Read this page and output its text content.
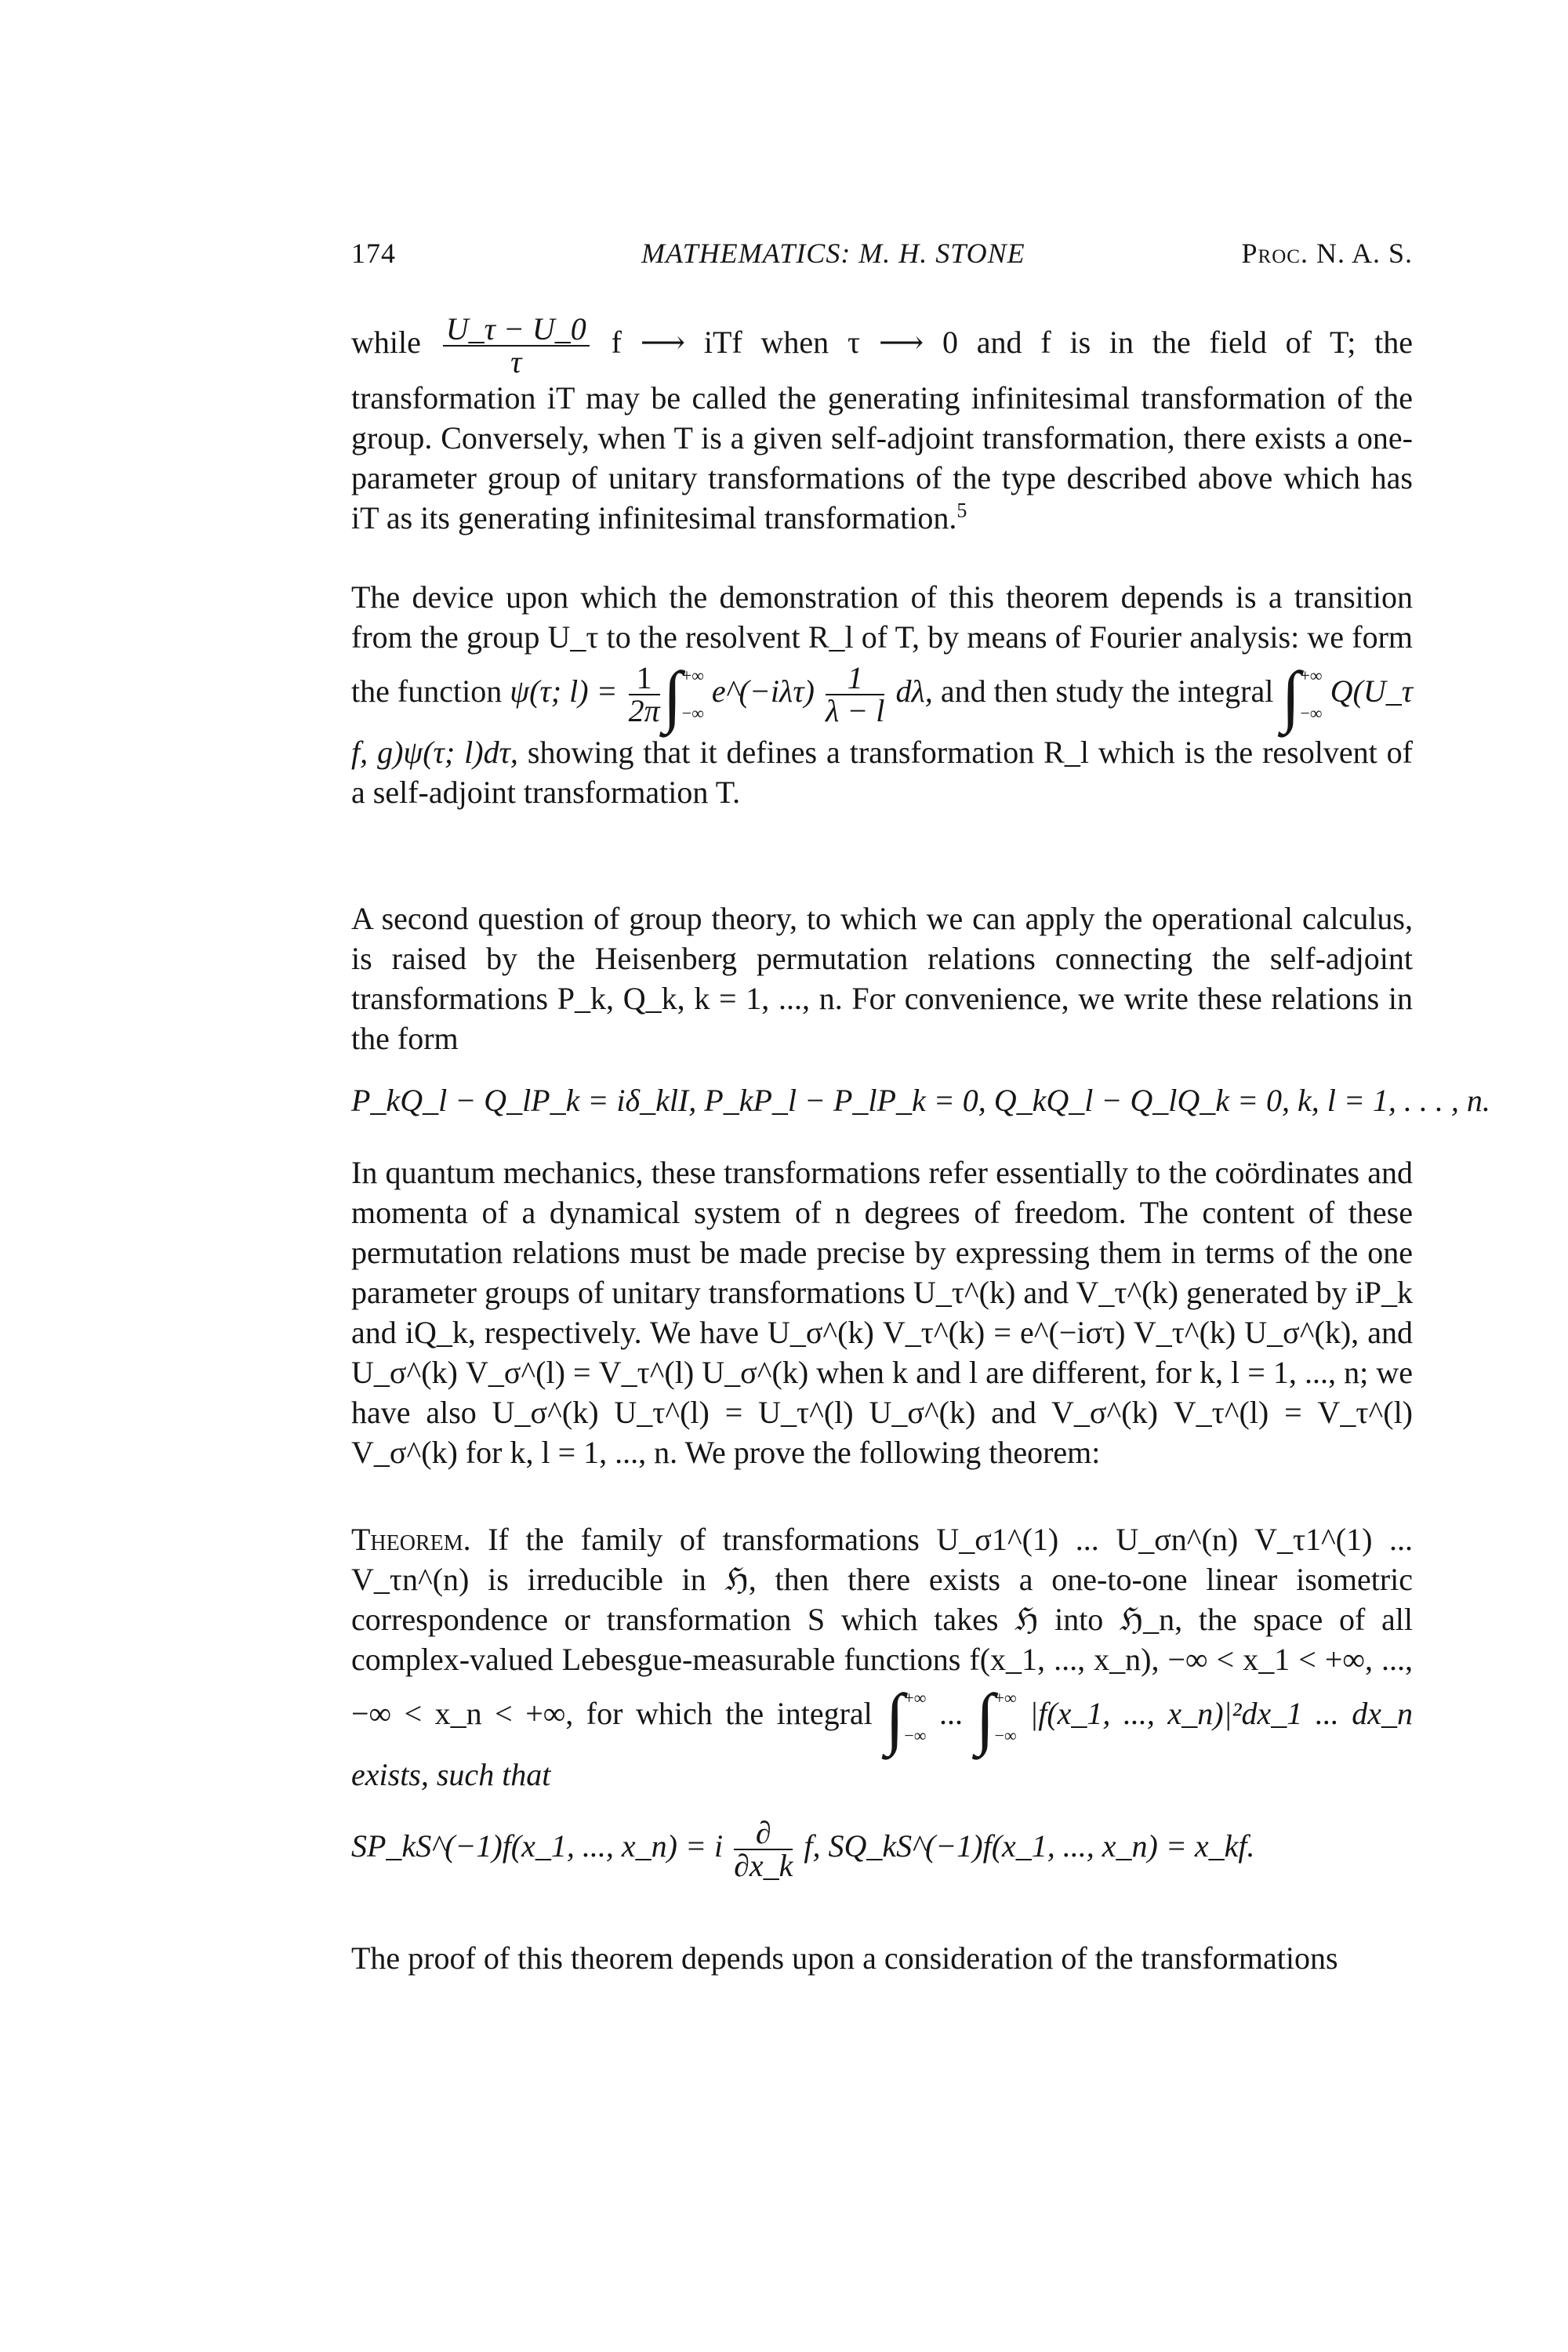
174	MATHEMATICS: M. H. STONE	Proc. N. A. S.
while $\frac{U\_\tau - U\_0}{\tau}$ f ⟶ iTf when τ ⟶ 0 and f is in the field of T; the transformation iT may be called the generating infinitesimal transformation of the group. Conversely, when T is a given self-adjoint transformation, there exists a one-parameter group of unitary transformations of the type described above which has iT as its generating infinitesimal transformation.$^5$
The device upon which the demonstration of this theorem depends is a transition from the group U_τ to the resolvent R_l of T, by means of Fourier analysis: we form the function ψ(τ; $l) = \frac{1}{2\pi}$ ∫ +∞
−∞
e^(−iλτ) $\frac{1}{\lambda - l} d\lambda$, and then study the integral ∫ +∞
−∞
Q(U_τ f, g)ψ(τ; l)dτ, showing that it defines a transformation R_l which is the resolvent of a self-adjoint transformation T.
A second question of group theory, to which we can apply the operational calculus, is raised by the Heisenberg permutation relations connecting the self-adjoint transformations P_k, Q_k, k = 1, ..., n. For convenience, we write these relations in the form
P_kQ_l − Q_lP_k = iδ_klI, P_kP_l − P_lP_k = 0, Q_kQ_l − Q_lQ_k = 0, k, l = 1, . . . , n.
In quantum mechanics, these transformations refer essentially to the coördinates and momenta of a dynamical system of n degrees of freedom. The content of these permutation relations must be made precise by expressing them in terms of the one parameter groups of unitary transformations U_τ^(k) and V_τ^(k) generated by iP_k and iQ_k, respectively. We have U_σ^(k) V_τ^(k) = e^(−iστ) V_τ^(k) U_σ^(k), and U_σ^(k) V_σ^(l) = V_τ^(l) U_σ^(k) when k and l are different, for k, l = 1, ..., n; we have also U_σ^(k) U_τ^(l) = U_τ^(l) U_σ^(k) and V_σ^(k) V_τ^(l) = V_τ^(l) V_σ^(k) for k, l = 1, ..., n. We prove the following theorem:
Theorem. If the family of transformations U_σ1^(1) ... U_σn^(n) V_τ1^(1) ... V_τn^(n) is irreducible in ℌ, then there exists a one-to-one linear isometric correspondence or transformation S which takes ℌ into ℌ_n, the space of all complex-valued Lebesgue-measurable functions f(x_1, ..., x_n), −∞ < x_1 < +∞, ..., −∞ < x_n < +∞, for which the integral ∫ +∞
−∞
... ∫ +∞
−∞
|f(x_1, ..., x_n)|²dx_1 ... dx_n exists, such that
SP_kS^(−1)f(x_1, ..., x_n) = i $\frac{\partial}{\partial x\_k} f$, SQ_kS^(−1)f(x_1, ..., x_n) = x_kf.
The proof of this theorem depends upon a consideration of the transformations
